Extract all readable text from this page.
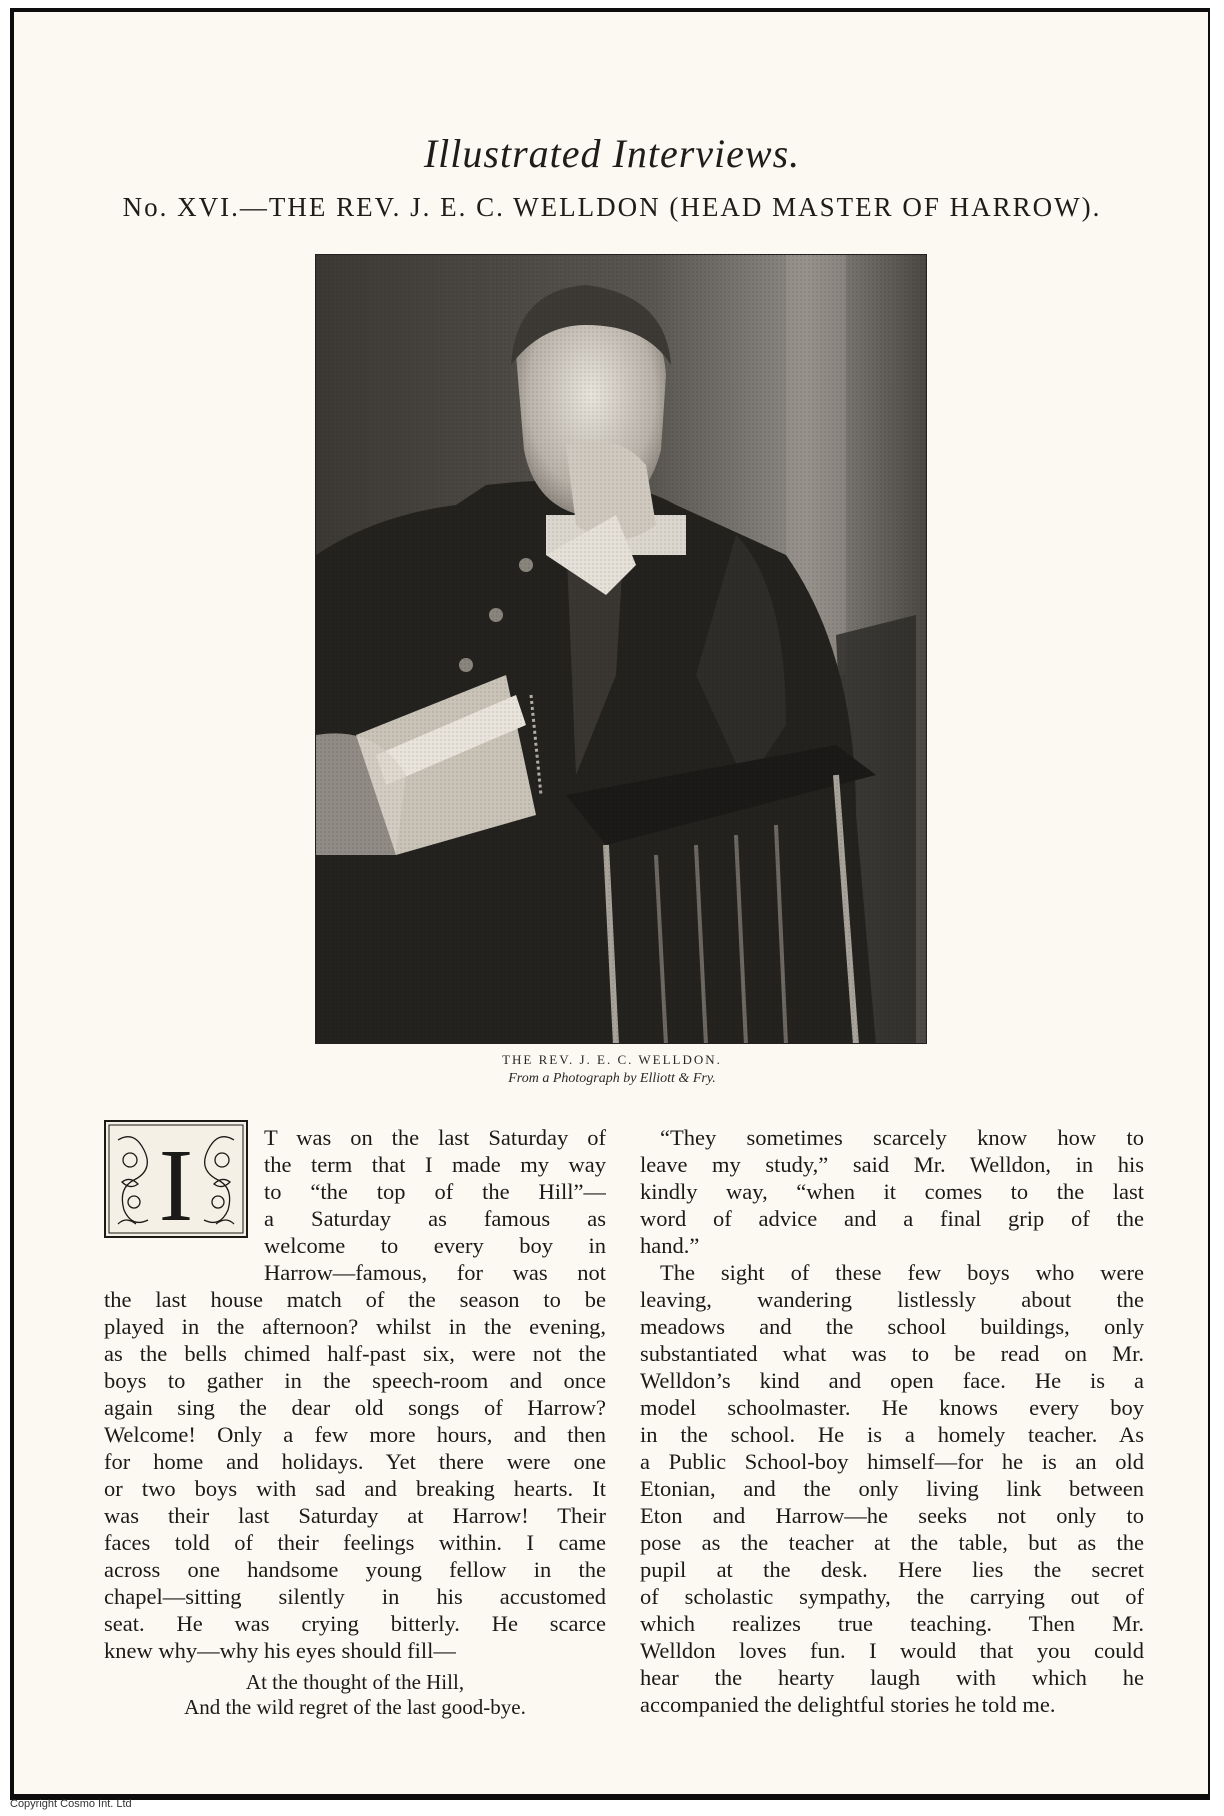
Illustrated Interviews.
No. XVI.—THE REV. J. E. C. WELLDON (HEAD MASTER OF HARROW).
THE REV. J. E. C. WELLDON.
From a Photograph by Elliott & Fry.
I
Copyright Cosmo Int. Ltd
T was on the last Saturday of
the term that I made my way
to “the top of the Hill”—
a Saturday as famous as
welcome to every boy in
Harrow—famous, for was not
the last house match of the season to be
played in the afternoon? whilst in the evening,
as the bells chimed half-past six, were not the
boys to gather in the speech-room and once
again sing the dear old songs of Harrow?
Welcome! Only a few more hours, and then
for home and holidays. Yet there were one
or two boys with sad and breaking hearts. It
was their last Saturday at Harrow! Their
faces told of their feelings within. I came
across one handsome young fellow in the
chapel—sitting silently in his accustomed
seat. He was crying bitterly. He scarce
knew why—why his eyes should fill—
At the thought of the Hill,
And the wild regret of the last good-bye.
“They sometimes scarcely know how to
leave my study,” said Mr. Welldon, in his
kindly way, “when it comes to the last
word of advice and a final grip of the
hand.”
The sight of these few boys who were
leaving, wandering listlessly about the
meadows and the school buildings, only
substantiated what was to be read on Mr.
Welldon’s kind and open face. He is a
model schoolmaster. He knows every boy
in the school. He is a homely teacher. As
a Public School-boy himself—for he is an old
Etonian, and the only living link between
Eton and Harrow—he seeks not only to
pose as the teacher at the table, but as the
pupil at the desk. Here lies the secret
of scholastic sympathy, the carrying out of
which realizes true teaching. Then Mr.
Welldon loves fun. I would that you could
hear the hearty laugh with which he
accompanied the delightful stories he told me.
